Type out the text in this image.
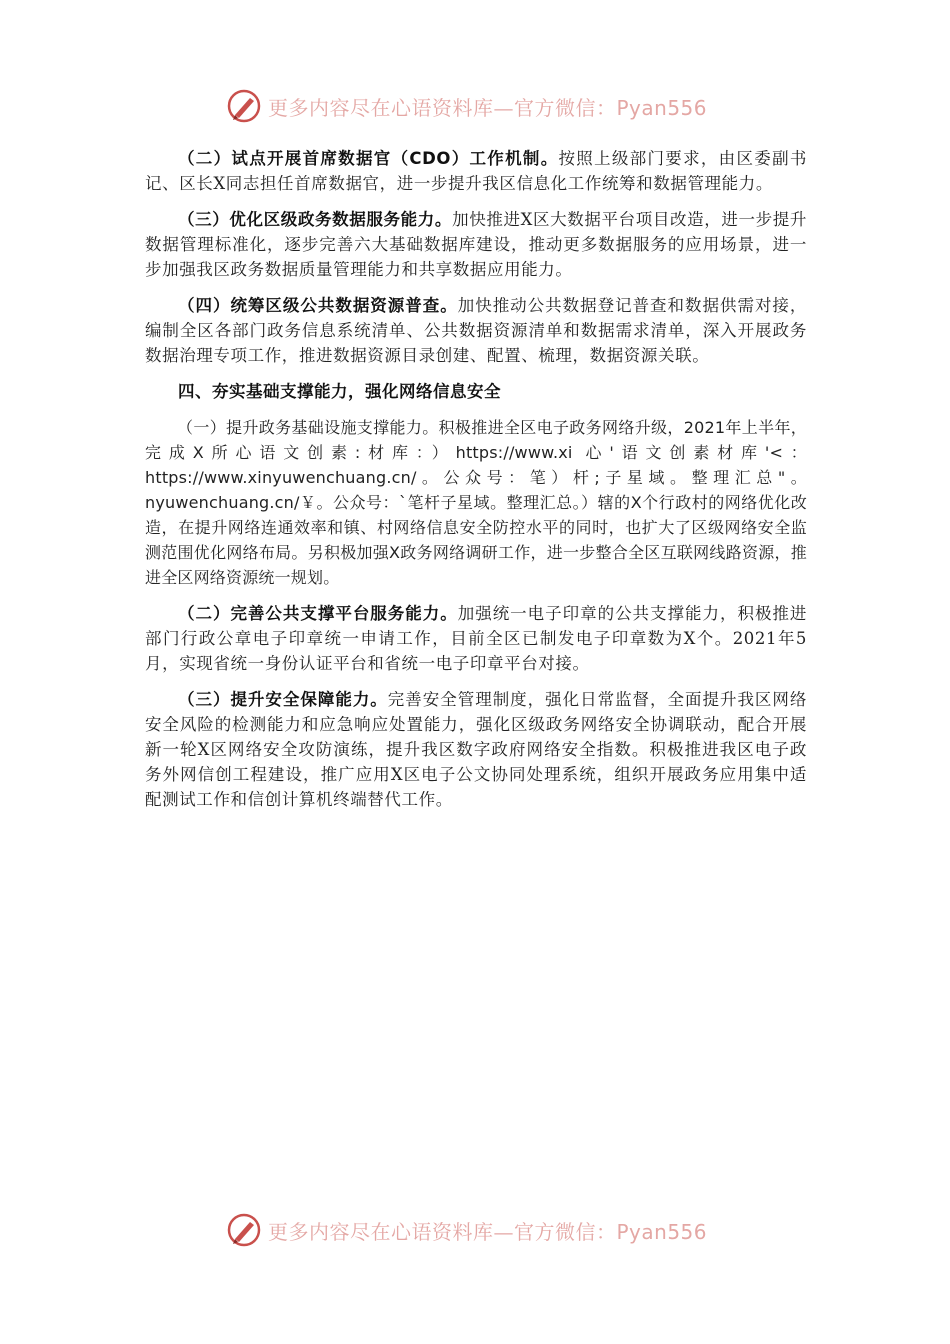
更多内容尽在心语资料库—官方微信：Pyan556

（二）试点开展首席数据官（CDO）工作机制。按照上级部门要求，由区委副书记、区长X同志担任首席数据官，进一步提升我区信息化工作统筹和数据管理能力。

（三）优化区级政务数据服务能力。加快推进X区大数据平台项目改造，进一步提升数据管理标准化，逐步完善六大基础数据库建设，推动更多数据服务的应用场景，进一步加强我区政务数据质量管理能力和共享数据应用能力。

（四）统筹区级公共数据资源普查。加快推动公共数据登记普查和数据供需对接，编制全区各部门政务信息系统清单、公共数据资源清单和数据需求清单，深入开展政务数据治理专项工作，推进数据资源目录创建、配置、梳理，数据资源关联。

四、夯实基础支撑能力，强化网络信息安全

（一）提升政务基础设施支撑能力。积极推进全区电子政务网络升级，2021年上半年，完成X所心语文创素:材库：）https://www.xi 心'语文创素材库'<：https://www.xinyuwenchuang.cn/。公众号：笔）杆;子星域。整理汇总"。nyuwenchuang.cn/￥。公众号：`笔杆子星域。整理汇总。）辖的X个行政村的网络优化改造，在提升网络连通效率和镇、村网络信息安全防控水平的同时，也扩大了区级网络安全监测范围优化网络布局。另积极加强X政务网络调研工作，进一步整合全区互联网线路资源，推进全区网络资源统一规划。

（二）完善公共支撑平台服务能力。加强统一电子印章的公共支撑能力，积极推进部门行政公章电子印章统一申请工作，目前全区已制发电子印章数为X个。2021年5月，实现省统一身份认证平台和省统一电子印章平台对接。

（三）提升安全保障能力。完善安全管理制度，强化日常监督，全面提升我区网络安全风险的检测能力和应急响应处置能力，强化区级政务网络安全协调联动，配合开展新一轮X区网络安全攻防演练，提升我区数字政府网络安全指数。积极推进我区电子政务外网信创工程建设，推广应用X区电子公文协同处理系统，组织开展政务应用集中适配测试工作和信创计算机终端替代工作。

更多内容尽在心语资料库—官方微信：Pyan556
